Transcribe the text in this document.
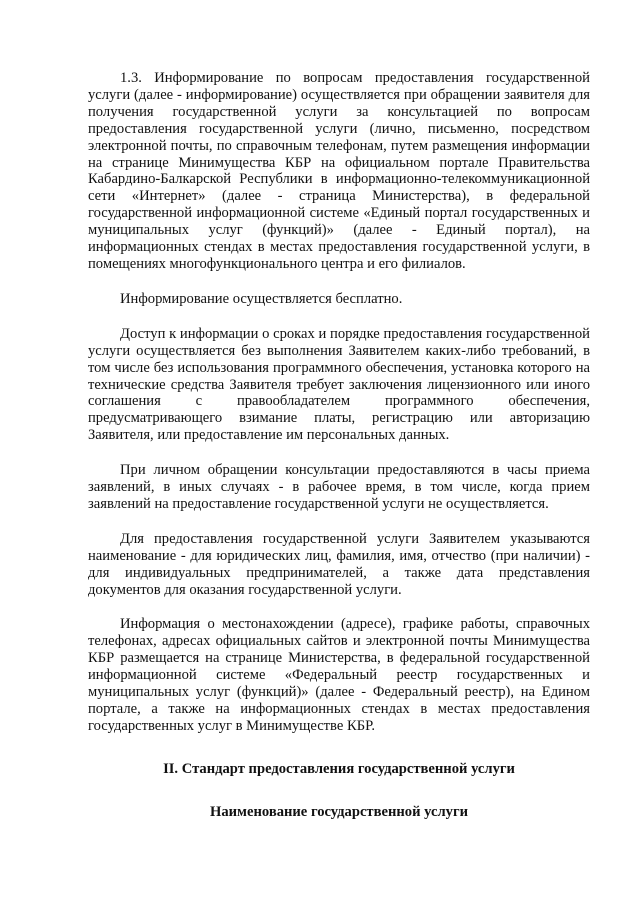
1.3. Информирование по вопросам предоставления государственной услуги (далее - информирование) осуществляется при обращении заявителя для получения государственной услуги за консультацией по вопросам предоставления государственной услуги (лично, письменно, посредством электронной почты, по справочным телефонам, путем размещения информации на странице Минимущества КБР на официальном портале Правительства Кабардино-Балкарской Республики в информационно-телекоммуникационной сети «Интернет» (далее - страница Министерства), в федеральной государственной информационной системе «Единый портал государственных и муниципальных услуг (функций)» (далее - Единый портал), на информационных стендах в местах предоставления государственной услуги, в помещениях многофункционального центра и его филиалов.

Информирование осуществляется бесплатно.

Доступ к информации о сроках и порядке предоставления государственной услуги осуществляется без выполнения Заявителем каких-либо требований, в том числе без использования программного обеспечения, установка которого на технические средства Заявителя требует заключения лицензионного или иного соглашения с правообладателем программного обеспечения, предусматривающего взимание платы, регистрацию или авторизацию Заявителя, или предоставление им персональных данных.

При личном обращении консультации предоставляются в часы приема заявлений, в иных случаях - в рабочее время, в том числе, когда прием заявлений на предоставление государственной услуги не осуществляется.

Для предоставления государственной услуги Заявителем указываются наименование - для юридических лиц, фамилия, имя, отчество (при наличии) - для индивидуальных предпринимателей, а также дата представления документов для оказания государственной услуги.

Информация о местонахождении (адресе), графике работы, справочных телефонах, адресах официальных сайтов и электронной почты Минимущества КБР размещается на странице Министерства, в федеральной государственной информационной системе «Федеральный реестр государственных и муниципальных услуг (функций)» (далее - Федеральный реестр), на Едином портале, а также на информационных стендах в местах предоставления государственных услуг в Минимуществе КБР.

II. Стандарт предоставления государственной услуги

Наименование государственной услуги
